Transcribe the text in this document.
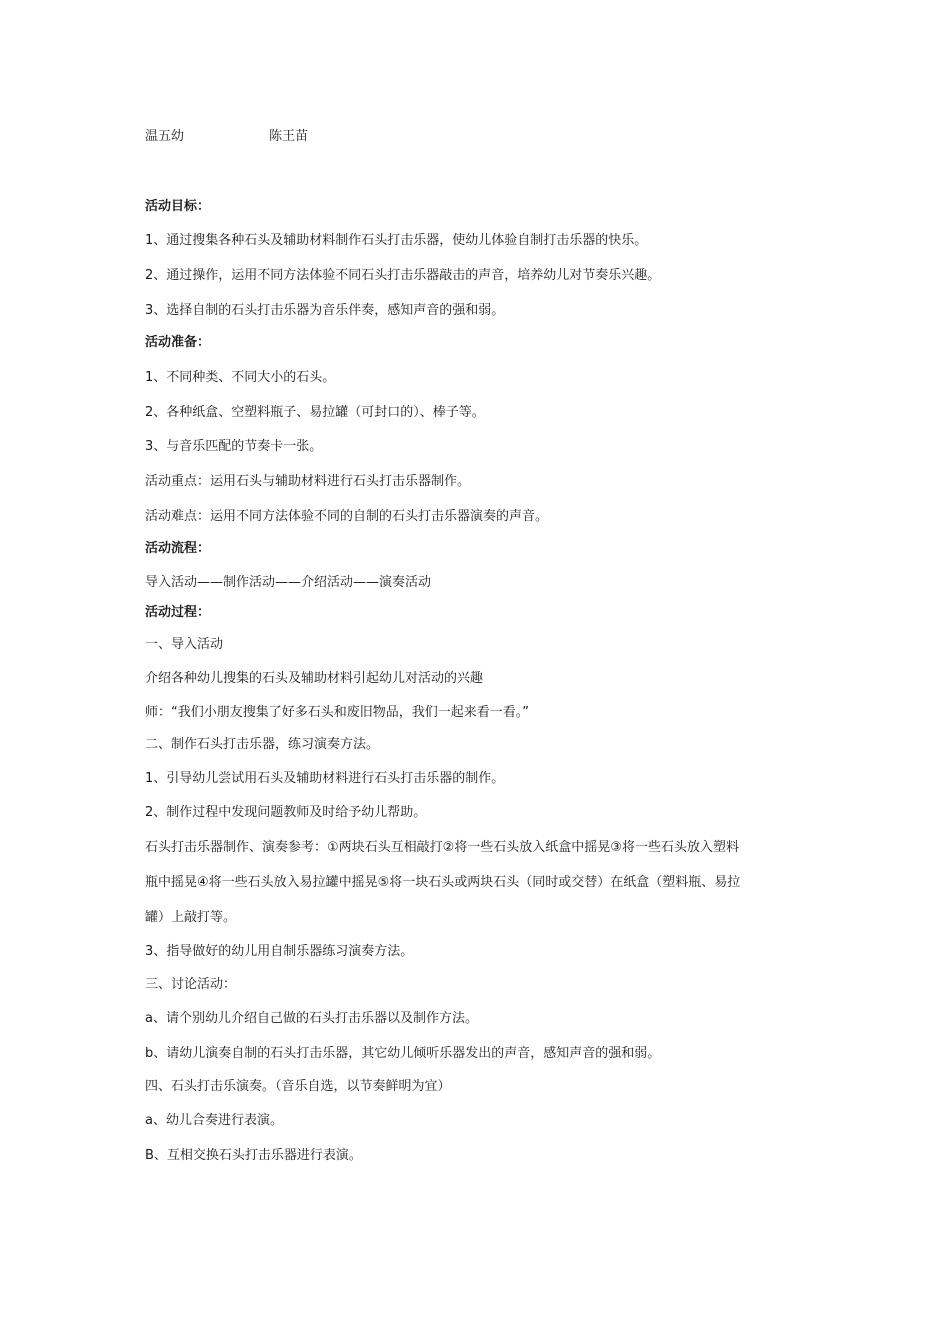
温五幼	陈王苗
活动目标：
1、通过搜集各种石头及辅助材料制作石头打击乐器，使幼儿体验自制打击乐器的快乐。
2、通过操作，运用不同方法体验不同石头打击乐器敲击的声音，培养幼儿对节奏乐兴趣。
3、选择自制的石头打击乐器为音乐伴奏，感知声音的强和弱。
活动准备：
1、不同种类、不同大小的石头。
2、各种纸盒、空塑料瓶子、易拉罐（可封口的）、棒子等。
3、与音乐匹配的节奏卡一张。
活动重点：运用石头与辅助材料进行石头打击乐器制作。
活动难点：运用不同方法体验不同的自制的石头打击乐器演奏的声音。
活动流程：
导入活动——制作活动——介绍活动——演奏活动
活动过程：
一、导入活动
介绍各种幼儿搜集的石头及辅助材料引起幼儿对活动的兴趣
师：“我们小朋友搜集了好多石头和废旧物品，我们一起来看一看。”
二、制作石头打击乐器，练习演奏方法。
1、引导幼儿尝试用石头及辅助材料进行石头打击乐器的制作。
2、制作过程中发现问题教师及时给予幼儿帮助。
石头打击乐器制作、演奏参考：①两块石头互相敲打②将一些石头放入纸盒中摇晃③将一些石头放入塑料
瓶中摇晃④将一些石头放入易拉罐中摇晃⑤将一块石头或两块石头（同时或交替）在纸盒（塑料瓶、易拉
罐）上敲打等。
3、指导做好的幼儿用自制乐器练习演奏方法。
三、讨论活动：
a、请个别幼儿介绍自己做的石头打击乐器以及制作方法。
b、请幼儿演奏自制的石头打击乐器，其它幼儿倾听乐器发出的声音，感知声音的强和弱。
四、石头打击乐演奏。（音乐自选，以节奏鲜明为宜）
a、幼儿合奏进行表演。
B、互相交换石头打击乐器进行表演。
